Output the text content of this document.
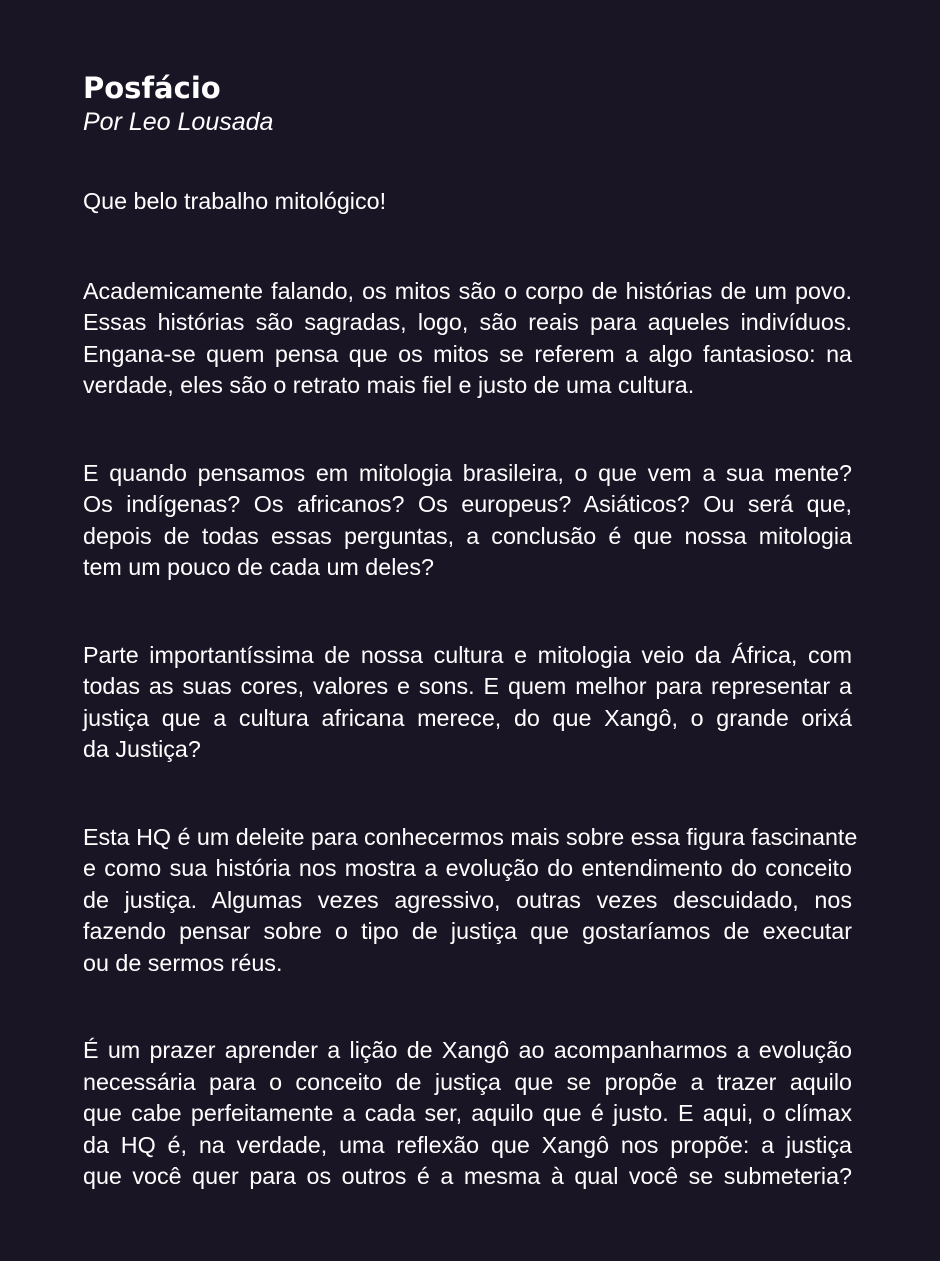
Posfácio
Por Leo Lousada

Que belo trabalho mitológico!

Academicamente falando, os mitos são o corpo de histórias de um povo.
Essas histórias são sagradas, logo, são reais para aqueles indivíduos.
Engana-se quem pensa que os mitos se referem a algo fantasioso: na
verdade, eles são o retrato mais fiel e justo de uma cultura.

E quando pensamos em mitologia brasileira, o que vem a sua mente?
Os indígenas? Os africanos? Os europeus? Asiáticos? Ou será que,
depois de todas essas perguntas, a conclusão é que nossa mitologia
tem um pouco de cada um deles?

Parte importantíssima de nossa cultura e mitologia veio da África, com
todas as suas cores, valores e sons. E quem melhor para representar a
justiça que a cultura africana merece, do que Xangô, o grande orixá
da Justiça?

Esta HQ é um deleite para conhecermos mais sobre essa figura fascinante
e como sua história nos mostra a evolução do entendimento do conceito
de justiça. Algumas vezes agressivo, outras vezes descuidado, nos
fazendo pensar sobre o tipo de justiça que gostaríamos de executar
ou de sermos réus.

É um prazer aprender a lição de Xangô ao acompanharmos a evolução
necessária para o conceito de justiça que se propõe a trazer aquilo
que cabe perfeitamente a cada ser, aquilo que é justo. E aqui, o clímax
da HQ é, na verdade, uma reflexão que Xangô nos propõe: a justiça
que você quer para os outros é a mesma à qual você se submeteria?
